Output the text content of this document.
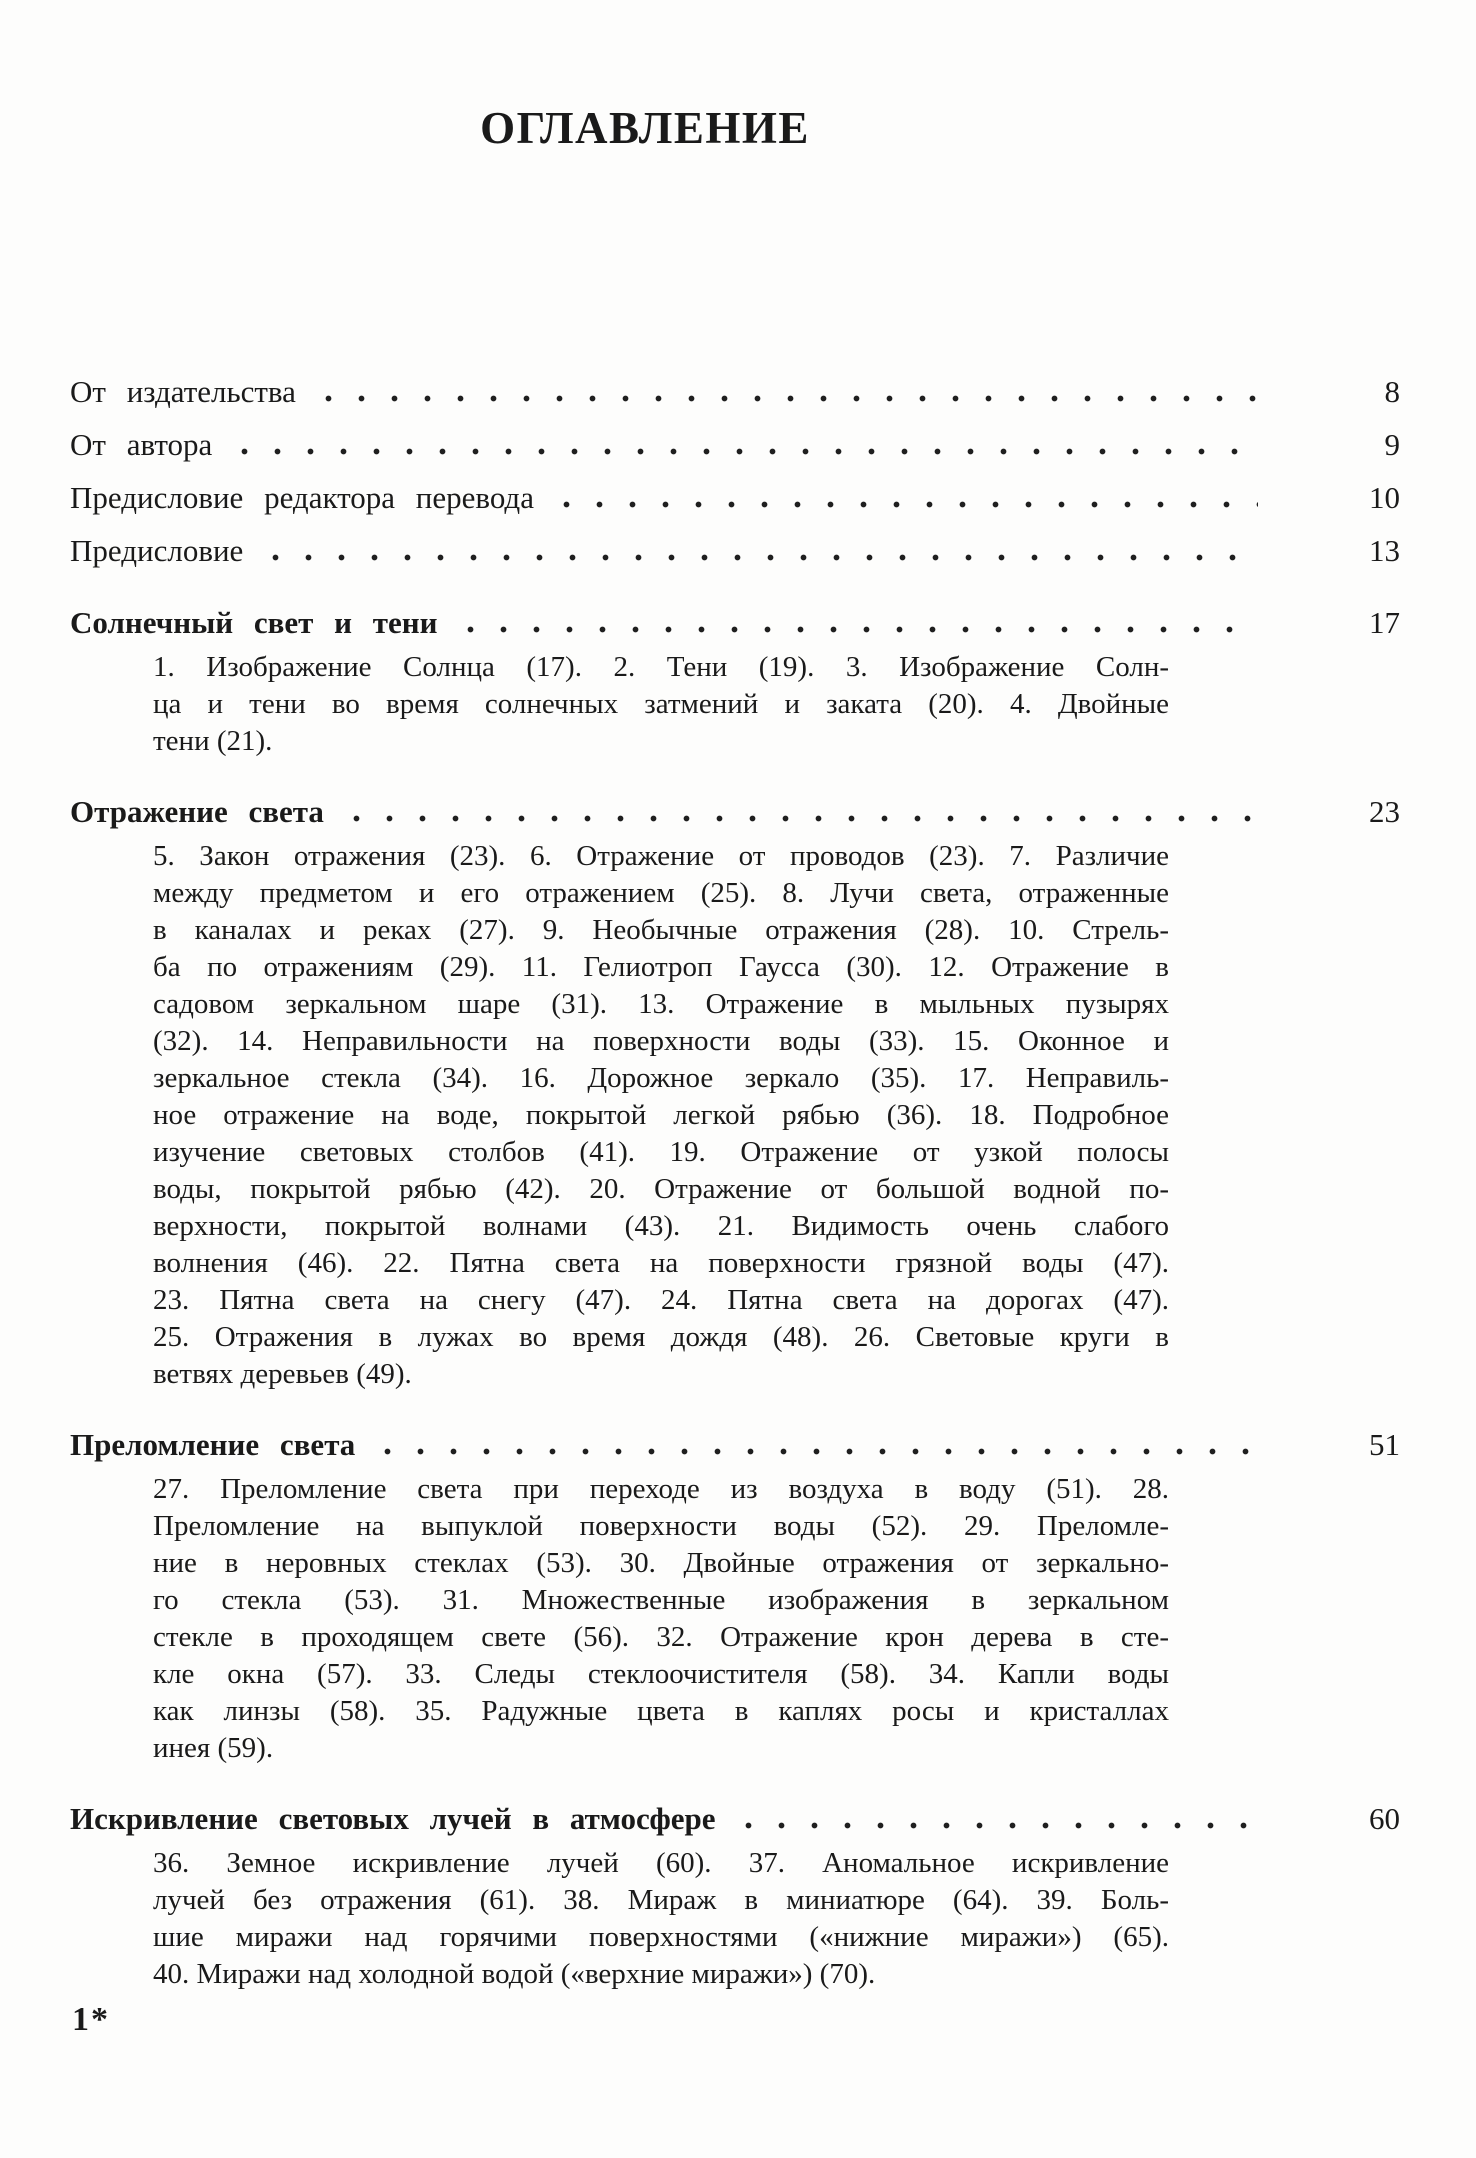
ОГЛАВЛЕНИЕ
От издательства	8
От автора	9
Предисловие редактора перевода	10
Предисловие	13
Солнечный свет и тени	17
1. Изображение Солнца (17). 2. Тени (19). 3. Изображение Солн-
ца и тени во время солнечных затмений и заката (20). 4. Двойные
тени (21).
Отражение света	23
5. Закон отражения (23). 6. Отражение от проводов (23). 7. Различие
между предметом и его отражением (25). 8. Лучи света, отраженные
в каналах и реках (27). 9. Необычные отражения (28). 10. Стрель-
ба по отражениям (29). 11. Гелиотроп Гаусса (30). 12. Отражение в
садовом зеркальном шаре (31). 13. Отражение в мыльных пузырях
(32). 14. Неправильности на поверхности воды (33). 15. Оконное и
зеркальное стекла (34). 16. Дорожное зеркало (35). 17. Неправиль-
ное отражение на воде, покрытой легкой рябью (36). 18. Подробное
изучение световых столбов (41). 19. Отражение от узкой полосы
воды, покрытой рябью (42). 20. Отражение от большой водной по-
верхности, покрытой волнами (43). 21. Видимость очень слабого
волнения (46). 22. Пятна света на поверхности грязной воды (47).
23. Пятна света на снегу (47). 24. Пятна света на дорогах (47).
25. Отражения в лужах во время дождя (48). 26. Световые круги в
ветвях деревьев (49).
Преломление света	51
27. Преломление света при переходе из воздуха в воду (51). 28.
Преломление на выпуклой поверхности воды (52). 29. Преломле-
ние в неровных стеклах (53). 30. Двойные отражения от зеркально-
го стекла (53). 31. Множественные изображения в зеркальном
стекле в проходящем свете (56). 32. Отражение крон дерева в сте-
кле окна (57). 33. Следы стеклоочистителя (58). 34. Капли воды
как линзы (58). 35. Радужные цвета в каплях росы и кристаллах
инея (59).
Искривление световых лучей в атмосфере	60
36. Земное искривление лучей (60). 37. Аномальное искривление
лучей без отражения (61). 38. Мираж в миниатюре (64). 39. Боль-
шие миражи над горячими поверхностями («нижние миражи») (65).
40. Миражи над холодной водой («верхние миражи») (70).
1*
